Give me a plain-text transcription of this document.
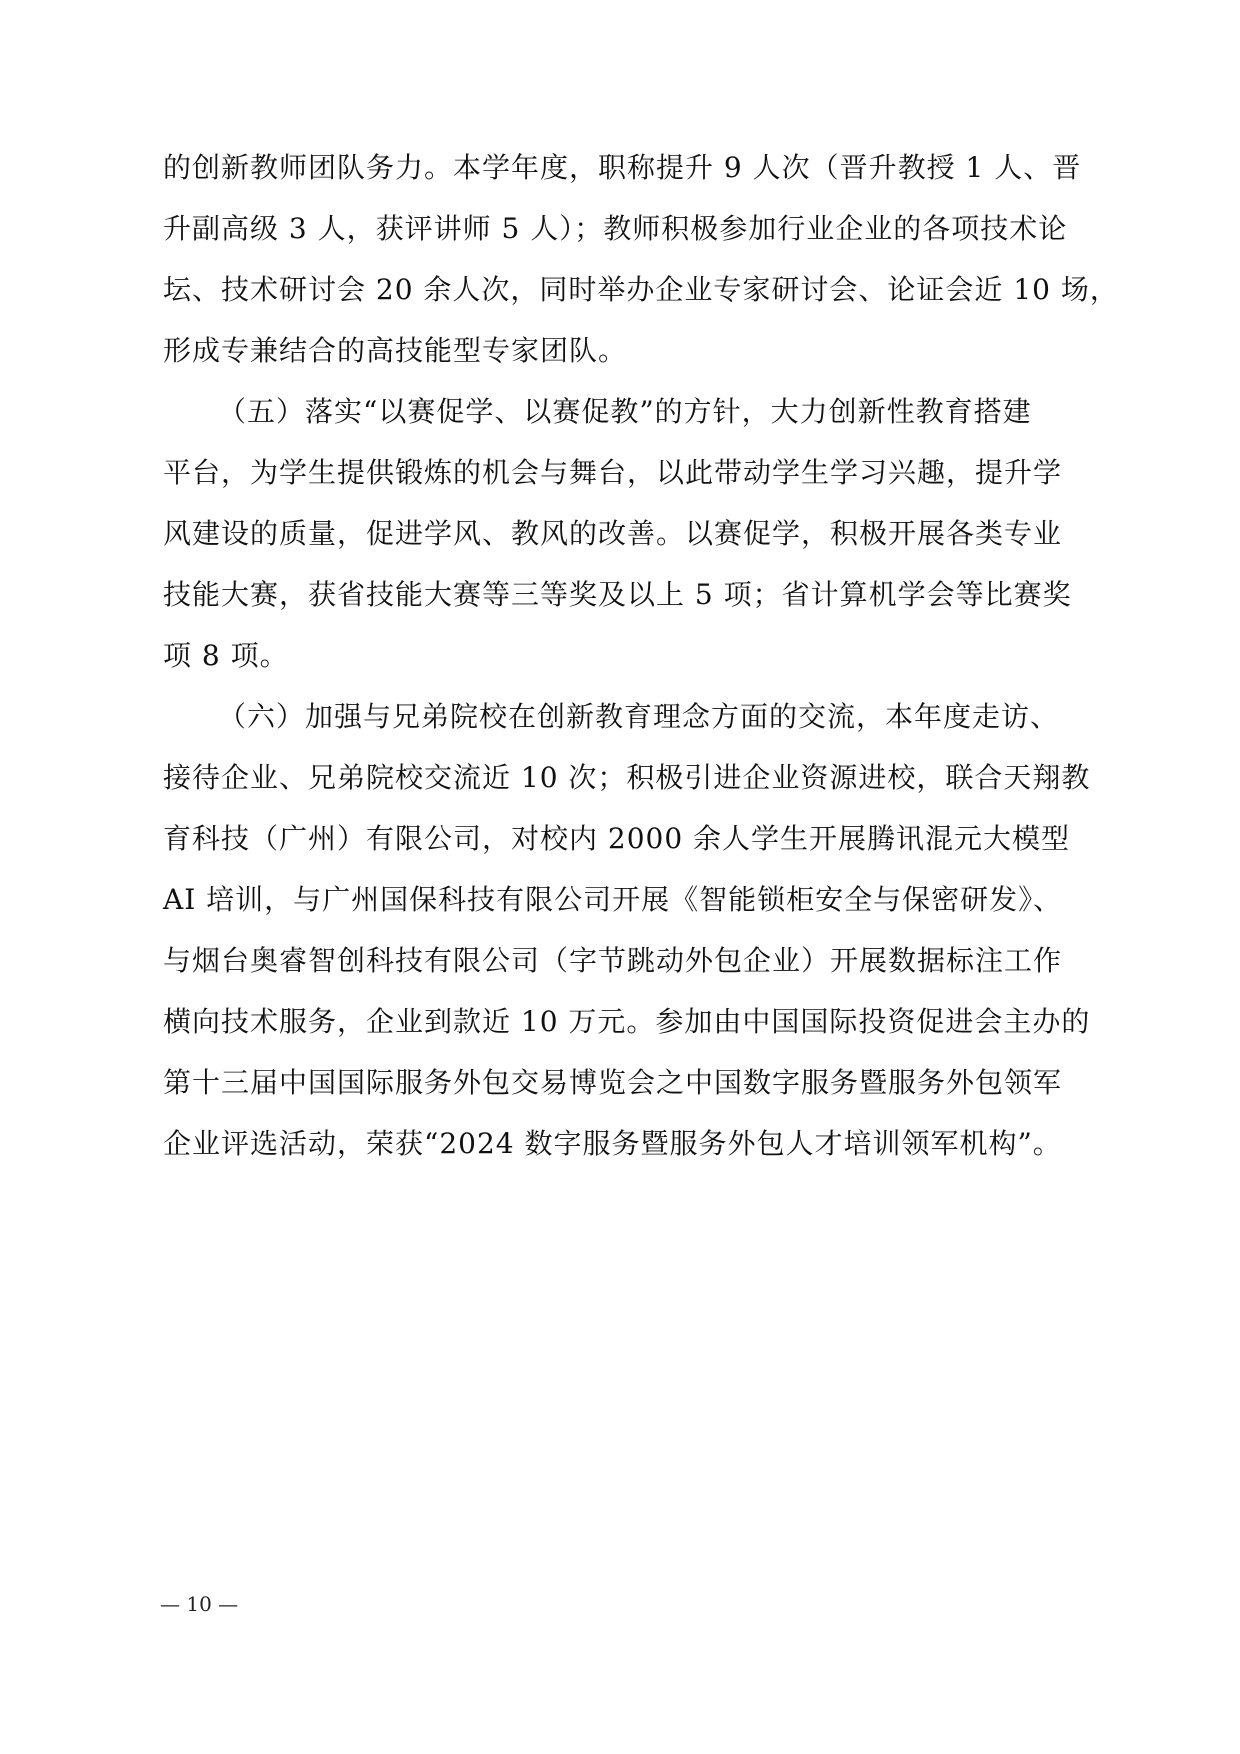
的创新教师团队务力。本学年度，职称提升 9 人次（晋升教授 1 人、晋
升副高级 3 人，获评讲师 5 人）；教师积极参加行业企业的各项技术论
坛、技术研讨会 20 余人次，同时举办企业专家研讨会、论证会近 10 场，
形成专兼结合的高技能型专家团队。
（五）落实“以赛促学、以赛促教”的方针，大力创新性教育搭建
平台，为学生提供锻炼的机会与舞台，以此带动学生学习兴趣，提升学
风建设的质量，促进学风、教风的改善。以赛促学，积极开展各类专业
技能大赛，获省技能大赛等三等奖及以上 5 项；省计算机学会等比赛奖
项 8 项。
（六）加强与兄弟院校在创新教育理念方面的交流，本年度走访、
接待企业、兄弟院校交流近 10 次；积极引进企业资源进校，联合天翔教
育科技（广州）有限公司，对校内 2000 余人学生开展腾讯混元大模型
AI 培训，与广州国保科技有限公司开展《智能锁柜安全与保密研发》、
与烟台奥睿智创科技有限公司（字节跳动外包企业）开展数据标注工作
横向技术服务，企业到款近 10 万元。参加由中国国际投资促进会主办的
第十三届中国国际服务外包交易博览会之中国数字服务暨服务外包领军
企业评选活动，荣获“2024 数字服务暨服务外包人才培训领军机构”。
— 10 —
